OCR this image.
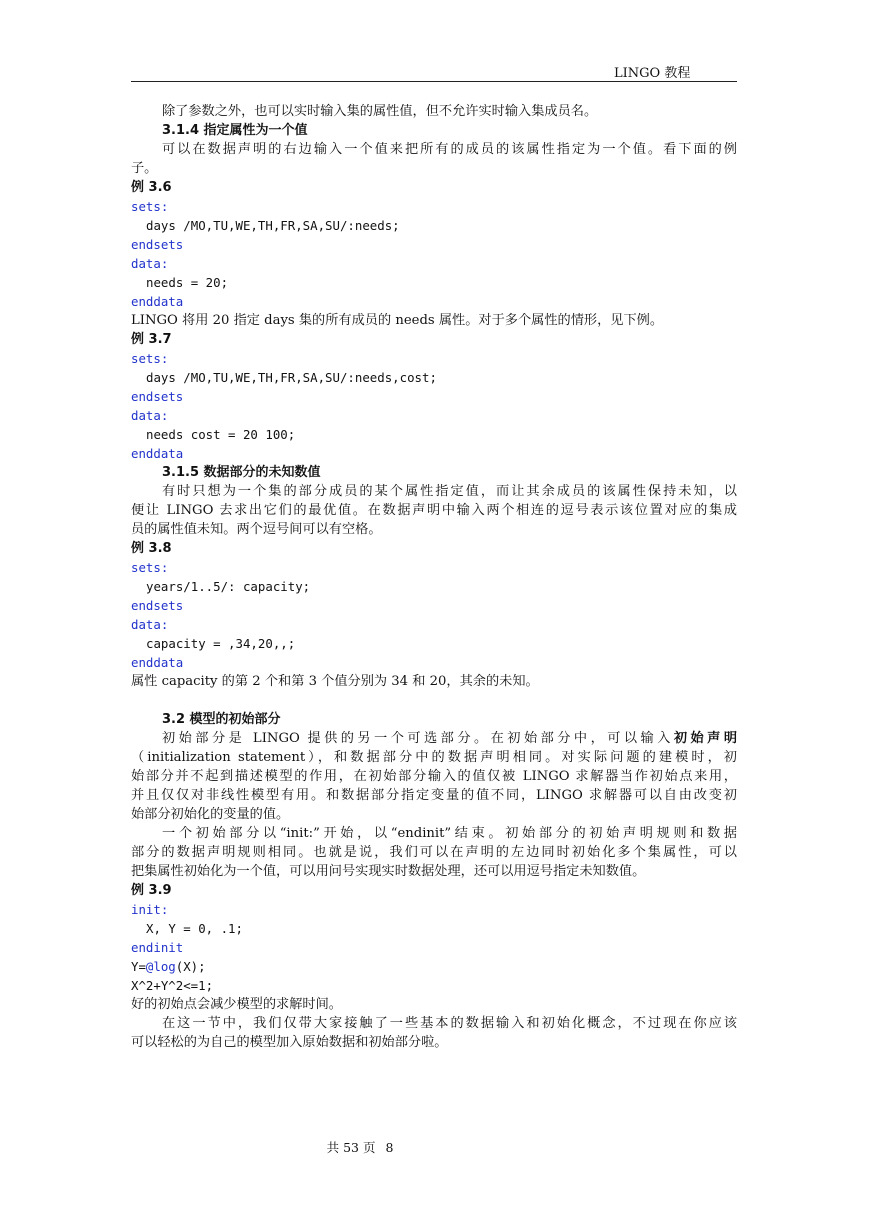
LINGO 教程
除了参数之外，也可以实时输入集的属性值，但不允许实时输入集成员名。
3.1.4 指定属性为一个值
可以在数据声明的右边输入一个值来把所有的成员的该属性指定为一个值。看下面的例
子。
例 3.6
sets:
days /MO,TU,WE,TH,FR,SA,SU/:needs;
endsets
data:
needs = 20;
enddata
LINGO 将用 20 指定 days 集的所有成员的 needs 属性。对于多个属性的情形，见下例。
例 3.7
sets:
days /MO,TU,WE,TH,FR,SA,SU/:needs,cost;
endsets
data:
needs cost = 20 100;
enddata
3.1.5 数据部分的未知数值
有时只想为一个集的部分成员的某个属性指定值，而让其余成员的该属性保持未知，以
便让 LINGO 去求出它们的最优值。在数据声明中输入两个相连的逗号表示该位置对应的集成
员的属性值未知。两个逗号间可以有空格。
例 3.8
sets:
years/1..5/: capacity;
endsets
data:
capacity = ,34,20,,;
enddata
属性 capacity 的第 2 个和第 3 个值分别为 34 和 20，其余的未知。
3.2 模型的初始部分
初始部分是 LINGO 提供的另一个可选部分。在初始部分中，可以输入初始声明
（initialization statement），和数据部分中的数据声明相同。对实际问题的建模时，初
始部分并不起到描述模型的作用，在初始部分输入的值仅被 LINGO 求解器当作初始点来用，
并且仅仅对非线性模型有用。和数据部分指定变量的值不同，LINGO 求解器可以自由改变初
始部分初始化的变量的值。
一个初始部分以“init:”开始，以“endinit”结束。初始部分的初始声明规则和数据
部分的数据声明规则相同。也就是说，我们可以在声明的左边同时初始化多个集属性，可以
把集属性初始化为一个值，可以用问号实现实时数据处理，还可以用逗号指定未知数值。
例 3.9
init:
X, Y = 0, .1;
endinit
Y=@log(X);
X^2+Y^2<=1;
好的初始点会减少模型的求解时间。
在这一节中，我们仅带大家接触了一些基本的数据输入和初始化概念，不过现在你应该
可以轻松的为自己的模型加入原始数据和初始部分啦。
共 53 页 8
